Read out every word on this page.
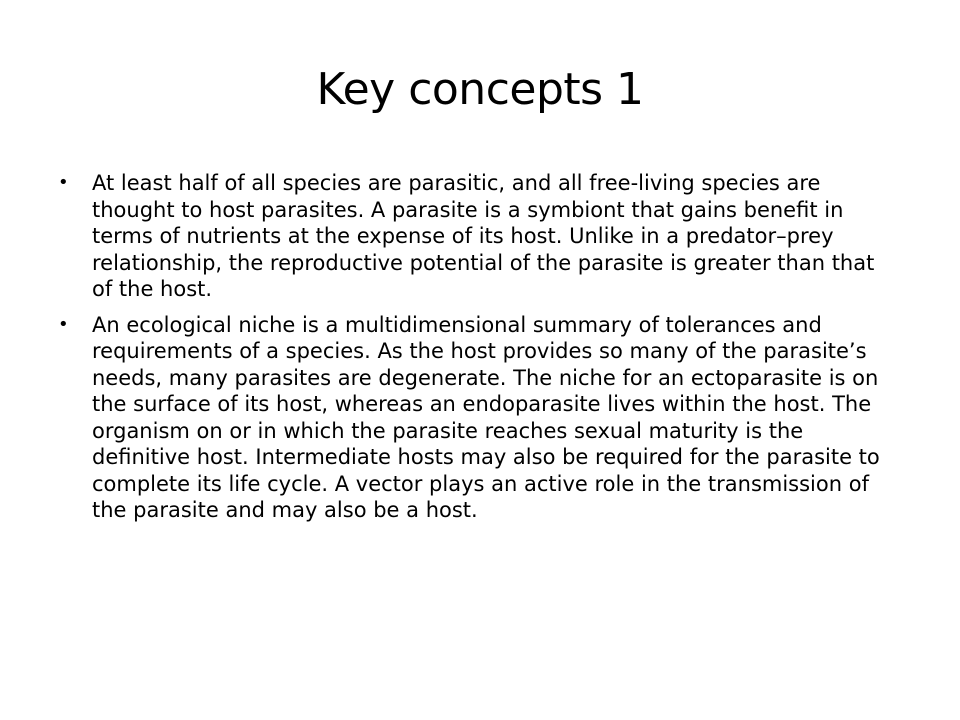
Key concepts 1
•	At least half of all species are parasitic, and all free-living species are thought to host parasites. A parasite is a symbiont that gains benefit in terms of nutrients at the expense of its host. Unlike in a predator–prey relationship, the reproductive potential of the parasite is greater than that of the host.
•	An ecological niche is a multidimensional summary of tolerances and requirements of a species. As the host provides so many of the parasite’s needs, many parasites are degenerate. The niche for an ectoparasite is on the surface of its host, whereas an endoparasite lives within the host. The organism on or in which the parasite reaches sexual maturity is the definitive host. Intermediate hosts may also be required for the parasite to complete its life cycle. A vector plays an active role in the transmission of the parasite and may also be a host.
